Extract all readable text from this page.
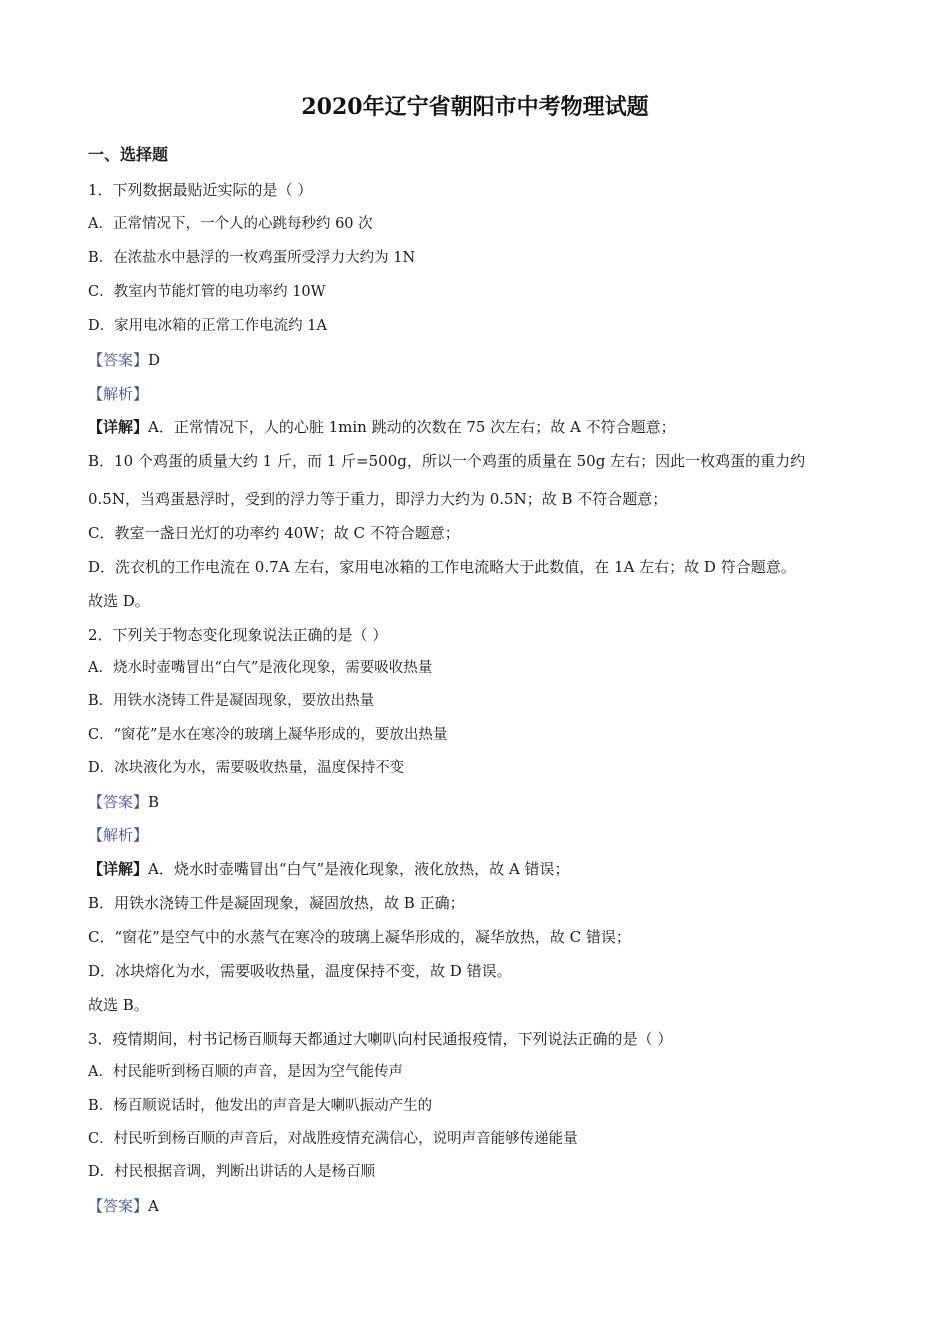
2020年辽宁省朝阳市中考物理试题
一、选择题
1．下列数据最贴近实际的是（ ）
A．正常情况下，一个人的心跳每秒约 60 次
B．在浓盐水中悬浮的一枚鸡蛋所受浮力大约为 1N
C．教室内节能灯管的电功率约 10W
D．家用电冰箱的正常工作电流约 1A
【答案】D
【解析】
【详解】A．正常情况下，人的心脏 1min 跳动的次数在 75 次左右；故 A 不符合题意；
B．10 个鸡蛋的质量大约 1 斤，而 1 斤=500g，所以一个鸡蛋的质量在 50g 左右；因此一枚鸡蛋的重力约
0.5N，当鸡蛋悬浮时，受到的浮力等于重力，即浮力大约为 0.5N；故 B 不符合题意；
C．教室一盏日光灯的功率约 40W；故 C 不符合题意；
D．洗衣机的工作电流在 0.7A 左右，家用电冰箱的工作电流略大于此数值，在 1A 左右；故 D 符合题意。
故选 D。
2．下列关于物态变化现象说法正确的是（ ）
A．烧水时壶嘴冒出“白气”是液化现象，需要吸收热量
B．用铁水浇铸工件是凝固现象，要放出热量
C．“窗花”是水在寒冷的玻璃上凝华形成的，要放出热量
D．冰块液化为水，需要吸收热量，温度保持不变
【答案】B
【解析】
【详解】A．烧水时壶嘴冒出“白气”是液化现象，液化放热，故 A 错误；
B．用铁水浇铸工件是凝固现象，凝固放热，故 B 正确；
C．“窗花”是空气中的水蒸气在寒冷的玻璃上凝华形成的，凝华放热，故 C 错误；
D．冰块熔化为水，需要吸收热量，温度保持不变，故 D 错误。
故选 B。
3．疫情期间，村书记杨百顺每天都通过大喇叭向村民通报疫情，下列说法正确的是（ ）
A．村民能听到杨百顺的声音，是因为空气能传声
B．杨百顺说话时，他发出的声音是大喇叭振动产生的
C．村民听到杨百顺的声音后，对战胜疫情充满信心，说明声音能够传递能量
D．村民根据音调，判断出讲话的人是杨百顺
【答案】A
